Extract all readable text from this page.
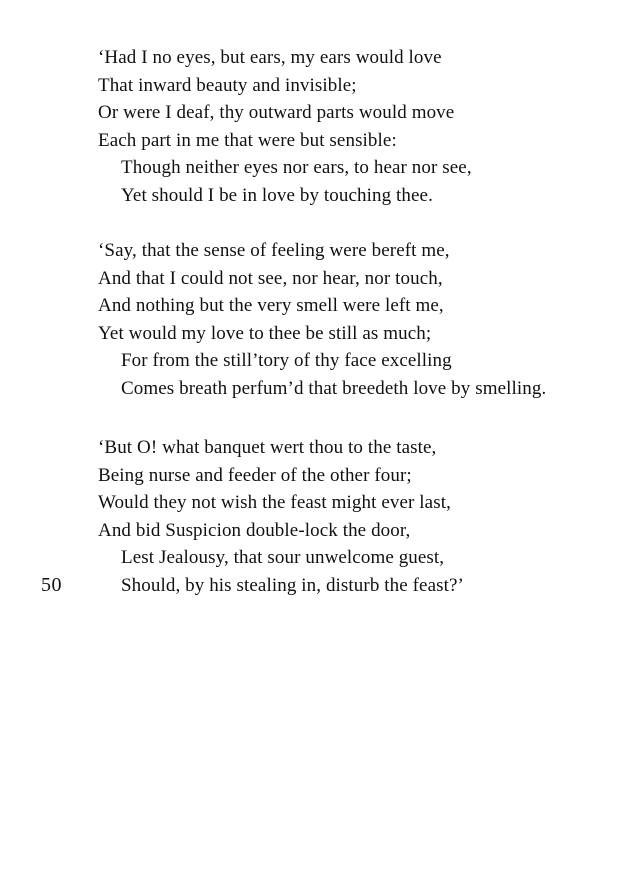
‘Had I no eyes, but ears, my ears would love
That inward beauty and invisible;
Or were I deaf, thy outward parts would move
Each part in me that were but sensible:
Though neither eyes nor ears, to hear nor see,
Yet should I be in love by touching thee.
‘Say, that the sense of feeling were bereft me,
And that I could not see, nor hear, nor touch,
And nothing but the very smell were left me,
Yet would my love to thee be still as much;
For from the still’tory of thy face excelling
Comes breath perfum’d that breedeth love by smelling.
‘But O! what banquet wert thou to the taste,
Being nurse and feeder of the other four;
Would they not wish the feast might ever last,
And bid Suspicion double-lock the door,
Lest Jealousy, that sour unwelcome guest,
Should, by his stealing in, disturb the feast?’
50
